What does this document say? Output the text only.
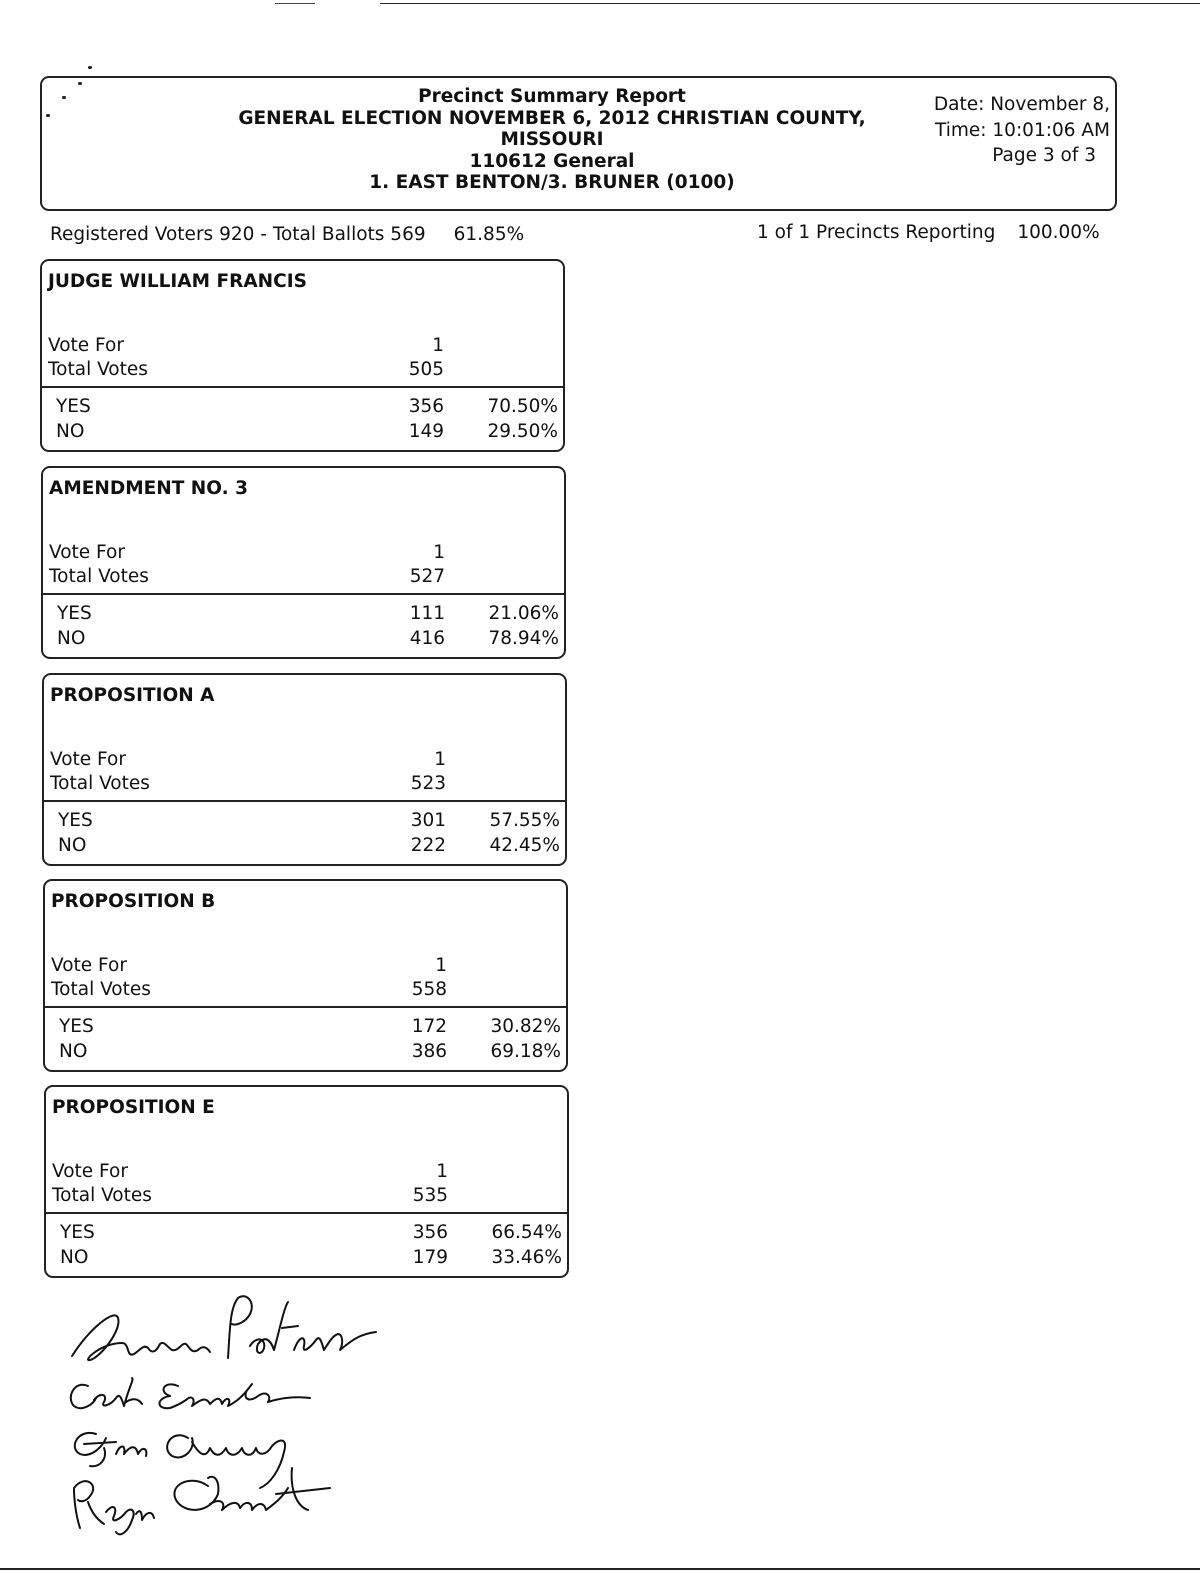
Precinct Summary Report
GENERAL ELECTION NOVEMBER 6, 2012 CHRISTIAN COUNTY,
MISSOURI
110612 General
1. EAST BENTON/3. BRUNER (0100)
Date: November 8,
Time: 10:01:06 AM
Page 3 of 3
Registered Voters 920 - Total Ballots 569 61.85%	1 of 1 Precincts Reporting 100.00%
JUDGE WILLIAM FRANCIS
Vote For	1
Total Votes	505
YES	356	70.50%
NO	149	29.50%
AMENDMENT NO. 3
Vote For	1
Total Votes	527
YES	111	21.06%
NO	416	78.94%
PROPOSITION A
Vote For	1
Total Votes	523
YES	301	57.55%
NO	222	42.45%
PROPOSITION B
Vote For	1
Total Votes	558
YES	172	30.82%
NO	386	69.18%
PROPOSITION E
Vote For	1
Total Votes	535
YES	356	66.54%
NO	179	33.46%
